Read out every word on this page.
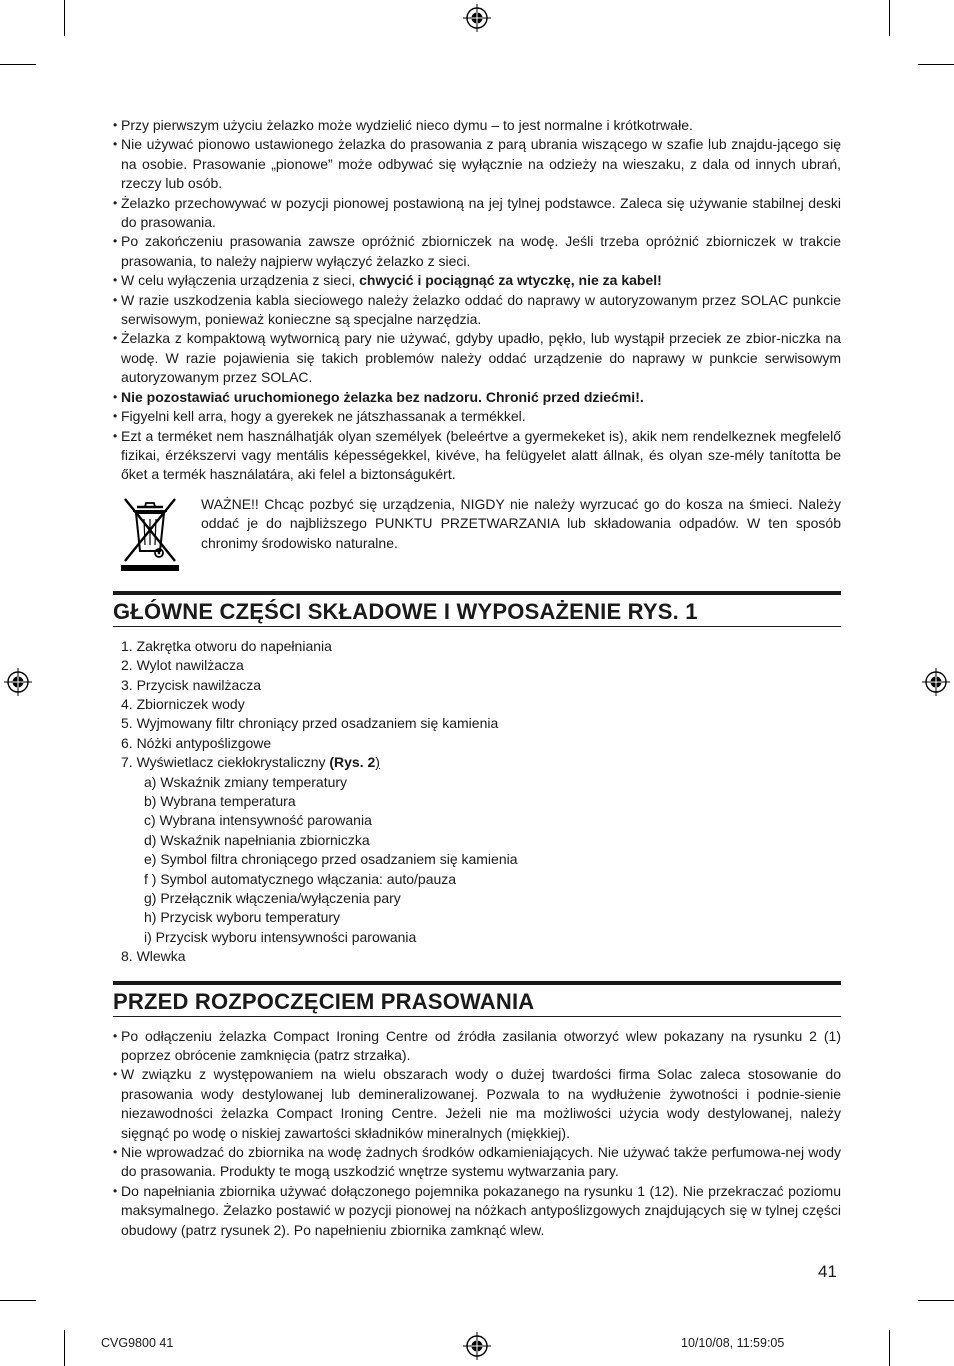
• Przy pierwszym użyciu żelazko może wydzielić nieco dymu – to jest normalne i krótkotrwałe.
• Nie używać pionowo ustawionego żelazka do prasowania z parą ubrania wiszącego w szafie lub znajdu-jącego się na osobie. Prasowanie „pionowe” może odbywać się wyłącznie na odzieży na wieszaku, z dala od innych ubrań, rzeczy lub osób.
• Żelazko przechowywać w pozycji pionowej postawioną na jej tylnej podstawce. Zaleca się używanie stabilnej deski do prasowania.
• Po zakończeniu prasowania zawsze opróżnić zbiorniczek na wodę. Jeśli trzeba opróżnić zbiorniczek w trakcie prasowania, to należy najpierw wyłączyć żelazko z sieci.
• W celu wyłączenia urządzenia z sieci, chwycić i pociągnąć za wtyczkę, nie za kabel!
• W razie uszkodzenia kabla sieciowego należy żelazko oddać do naprawy w autoryzowanym przez SOLAC punkcie serwisowym, ponieważ konieczne są specjalne narzędzia.
• Żelazka z kompaktową wytwornicą pary nie używać, gdyby upadło, pękło, lub wystąpił przeciek ze zbior-niczka na wodę. W razie pojawienia się takich problemów należy oddać urządzenie do naprawy w punkcie serwisowym autoryzowanym przez SOLAC.
• Nie pozostawiać uruchomionego żelazka bez nadzoru. Chronić przed dziećmi!.
• Figyelni kell arra, hogy a gyerekek ne játszhassanak a termékkel.
• Ezt a terméket nem használhatják olyan személyek (beleértve a gyermekeket is), akik nem rendelkeznek megfelelő fizikai, érzékszervi vagy mentális képességekkel, kivéve, ha felügyelet alatt állnak, és olyan sze-mély tanította be őket a termék használatára, aki felel a biztonságukért.
WAŻNE!! Chcąc pozbyć się urządzenia, NIGDY nie należy wyrzucać go do kosza na śmieci. Należy oddać je do najbliższego PUNKTU PRZETWARZANIA lub składowania odpadów. W ten sposób chronimy środowisko naturalne.
GŁÓWNE CZĘŚCI SKŁADOWE I WYPOSAŻENIE RYS. 1
1. Zakrętka otworu do napełniania
2. Wylot nawilżacza
3. Przycisk nawilżacza
4. Zbiorniczek wody
5. Wyjmowany filtr chroniący przed osadzaniem się kamienia
6. Nóżki antypoślizgowe
7. Wyświetlacz ciekłokrystaliczny (Rys. 2)
a) Wskaźnik zmiany temperatury
b) Wybrana temperatura
c) Wybrana intensywność parowania
d) Wskaźnik napełniania zbiorniczka
e) Symbol filtra chroniącego przed osadzaniem się kamienia
f ) Symbol automatycznego włączania: auto/pauza
g) Przełącznik włączenia/wyłączenia pary
h) Przycisk wyboru temperatury
i) Przycisk wyboru intensywności parowania
8. Wlewka
PRZED ROZPOCZĘCIEM PRASOWANIA
• Po odłączeniu żelazka Compact Ironing Centre od źródła zasilania otworzyć wlew pokazany na rysunku 2 (1) poprzez obrócenie zamknięcia (patrz strzałka).
• W związku z występowaniem na wielu obszarach wody o dużej twardości firma Solac zaleca stosowanie do prasowania wody destylowanej lub demineralizowanej. Pozwala to na wydłużenie żywotności i podnie-sienie niezawodności żelazka Compact Ironing Centre. Jeżeli nie ma możliwości użycia wody destylowanej, należy sięgnąć po wodę o niskiej zawartości składników mineralnych (miękkiej).
• Nie wprowadzać do zbiornika na wodę żadnych środków odkamieniających. Nie używać także perfumowa-nej wody do prasowania. Produkty te mogą uszkodzić wnętrze systemu wytwarzania pary.
• Do napełniania zbiornika używać dołączonego pojemnika pokazanego na rysunku 1 (12). Nie przekraczać poziomu maksymalnego. Żelazko postawić w pozycji pionowej na nóżkach antypoślizgowych znajdujących się w tylnej części obudowy (patrz rysunek 2). Po napełnieniu zbiornika zamknąć wlew.
41
CVG9800 41	10/10/08, 11:59:05
